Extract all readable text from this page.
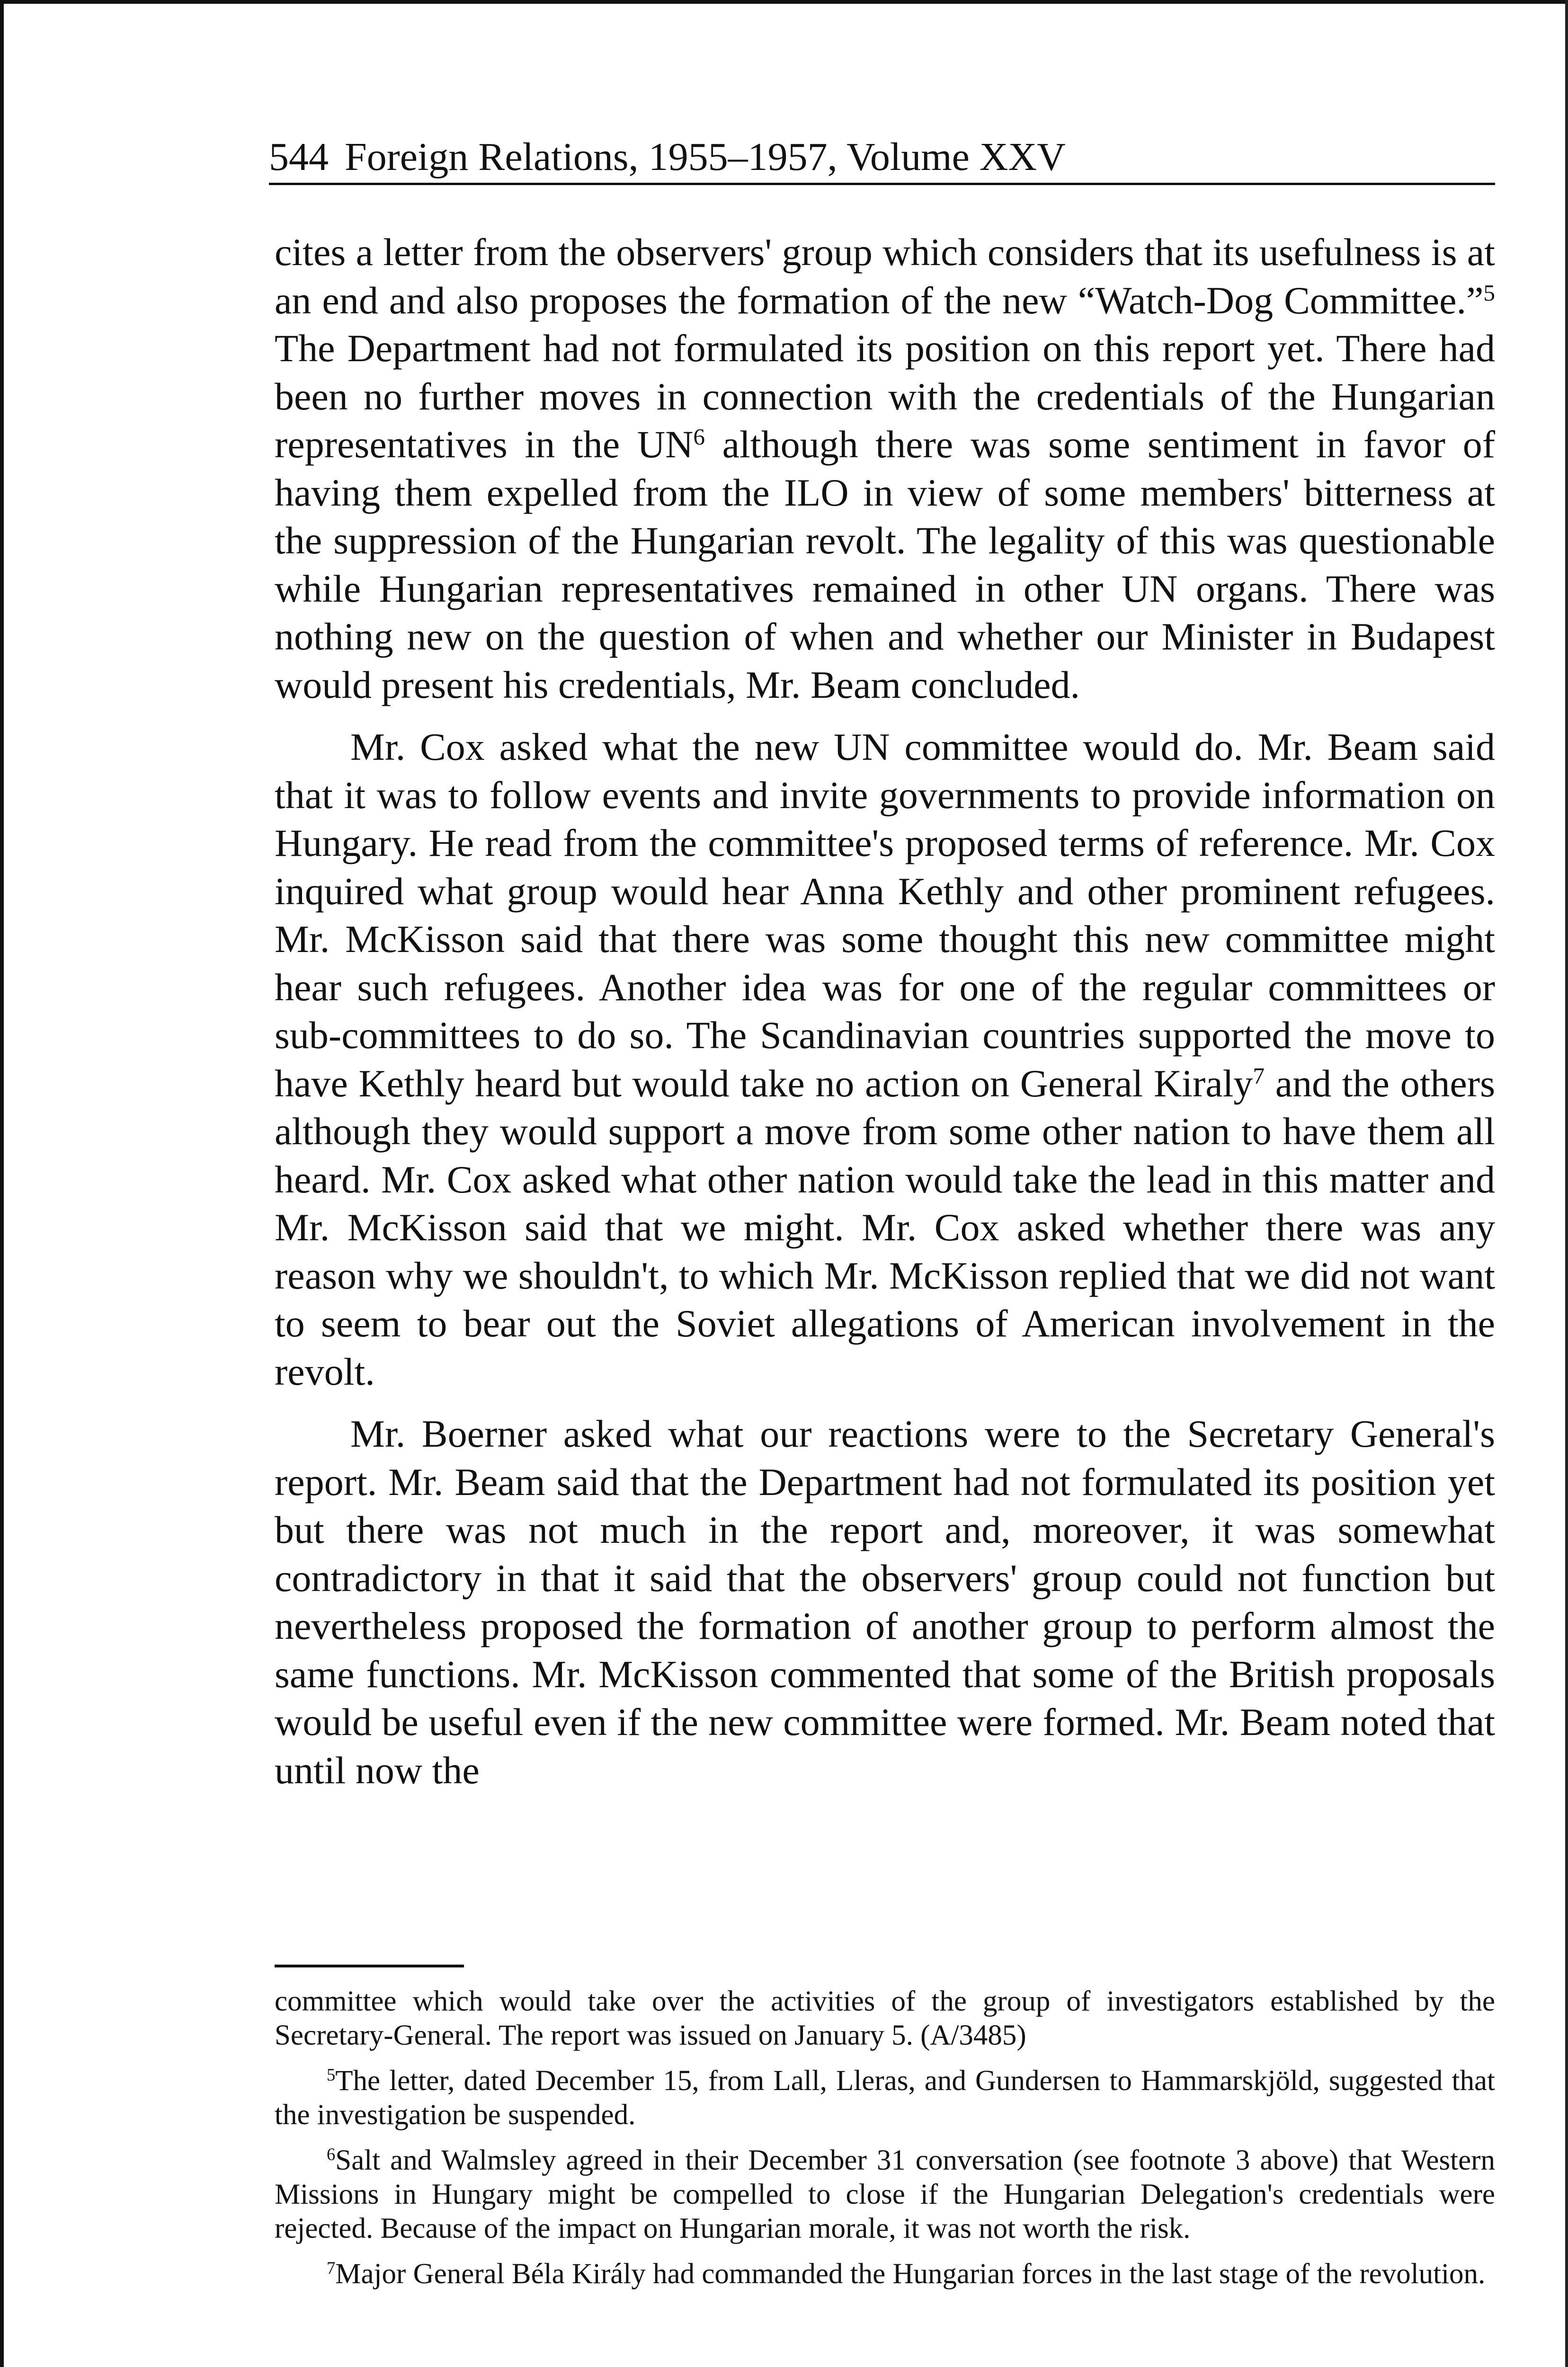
544 Foreign Relations, 1955–1957, Volume XXV

cites a letter from the observers' group which considers that its usefulness is at an end and also proposes the formation of the new “Watch-Dog Committee.”$^5$ The Department had not formulated its position on this report yet. There had been no further moves in connection with the credentials of the Hungarian representatives in the $UN^6$ although there was some sentiment in favor of having them expelled from the ILO in view of some members' bitterness at the suppression of the Hungarian revolt. The legality of this was questionable while Hungarian representatives remained in other UN organs. There was nothing new on the question of when and whether our Minister in Budapest would present his credentials, Mr. Beam concluded.

Mr. Cox asked what the new UN committee would do. Mr. Beam said that it was to follow events and invite governments to provide information on Hungary. He read from the committee's proposed terms of reference. Mr. Cox inquired what group would hear Anna Kethly and other prominent refugees. Mr. McKisson said that there was some thought this new committee might hear such refugees. Another idea was for one of the regular committees or sub-committees to do so. The Scandinavian countries supported the move to have Kethly heard but would take no action on General Kiraly$^7$ and the others although they would support a move from some other nation to have them all heard. Mr. Cox asked what other nation would take the lead in this matter and Mr. McKisson said that we might. Mr. Cox asked whether there was any reason why we shouldn't, to which Mr. McKisson replied that we did not want to seem to bear out the Soviet allegations of American involvement in the revolt.

Mr. Boerner asked what our reactions were to the Secretary General's report. Mr. Beam said that the Department had not formulated its position yet but there was not much in the report and, moreover, it was somewhat contradictory in that it said that the observers' group could not function but nevertheless proposed the formation of another group to perform almost the same functions. Mr. McKisson commented that some of the British proposals would be useful even if the new committee were formed. Mr. Beam noted that until now the

committee which would take over the activities of the group of investigators established by the Secretary-General. The report was issued on January 5. (A/3485)

$^5$The letter, dated December 15, from Lall, Lleras, and Gundersen to Hammarskjöld, suggested that the investigation be suspended.

$^6$Salt and Walmsley agreed in their December 31 conversation (see footnote 3 above) that Western Missions in Hungary might be compelled to close if the Hungarian Delegation's credentials were rejected. Because of the impact on Hungarian morale, it was not worth the risk.

$^7$Major General Béla Király had commanded the Hungarian forces in the last stage of the revolution.
